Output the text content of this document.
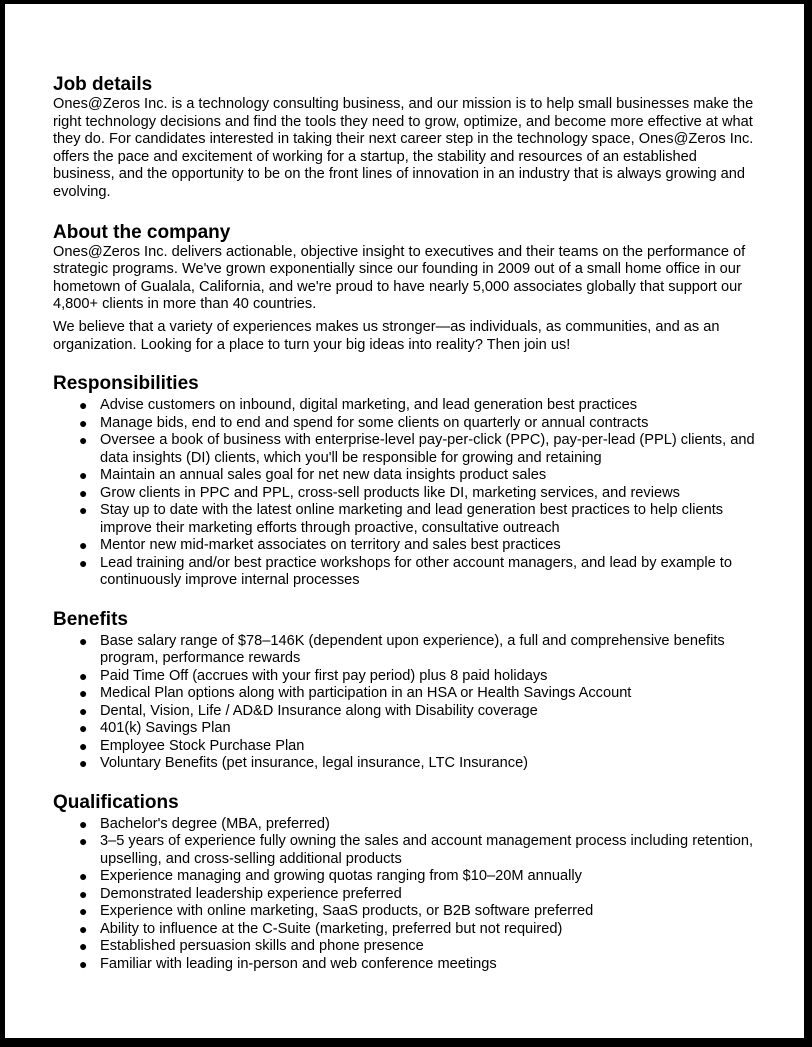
Job details

Ones@Zeros Inc. is a technology consulting business, and our mission is to help small businesses make the right technology decisions and find the tools they need to grow, optimize, and become more effective at what they do. For candidates interested in taking their next career step in the technology space, Ones@Zeros Inc. offers the pace and excitement of working for a startup, the stability and resources of an established business, and the opportunity to be on the front lines of innovation in an industry that is always growing and evolving.

About the company

Ones@Zeros Inc. delivers actionable, objective insight to executives and their teams on the performance of strategic programs. We've grown exponentially since our founding in 2009 out of a small home office in our hometown of Gualala, California, and we're proud to have nearly 5,000 associates globally that support our 4,800+ clients in more than 40 countries.

We believe that a variety of experiences makes us stronger—as individuals, as communities, and as an organization. Looking for a place to turn your big ideas into reality? Then join us!

Responsibilities
● Advise customers on inbound, digital marketing, and lead generation best practices
● Manage bids, end to end and spend for some clients on quarterly or annual contracts
● Oversee a book of business with enterprise-level pay-per-click (PPC), pay-per-lead (PPL) clients, and data insights (DI) clients, which you'll be responsible for growing and retaining
● Maintain an annual sales goal for net new data insights product sales
● Grow clients in PPC and PPL, cross-sell products like DI, marketing services, and reviews
● Stay up to date with the latest online marketing and lead generation best practices to help clients improve their marketing efforts through proactive, consultative outreach
● Mentor new mid-market associates on territory and sales best practices
● Lead training and/or best practice workshops for other account managers, and lead by example to continuously improve internal processes
Benefits
● Base salary range of $78–146K (dependent upon experience), a full and comprehensive benefits program, performance rewards
● Paid Time Off (accrues with your first pay period) plus 8 paid holidays
● Medical Plan options along with participation in an HSA or Health Savings Account
● Dental, Vision, Life / AD&D Insurance along with Disability coverage
● 401(k) Savings Plan
● Employee Stock Purchase Plan
● Voluntary Benefits (pet insurance, legal insurance, LTC Insurance)
Qualifications
● Bachelor's degree (MBA, preferred)
● 3–5 years of experience fully owning the sales and account management process including retention, upselling, and cross-selling additional products
● Experience managing and growing quotas ranging from $10–20M annually
● Demonstrated leadership experience preferred
● Experience with online marketing, SaaS products, or B2B software preferred
● Ability to influence at the C-Suite (marketing, preferred but not required)
● Established persuasion skills and phone presence
● Familiar with leading in-person and web conference meetings
